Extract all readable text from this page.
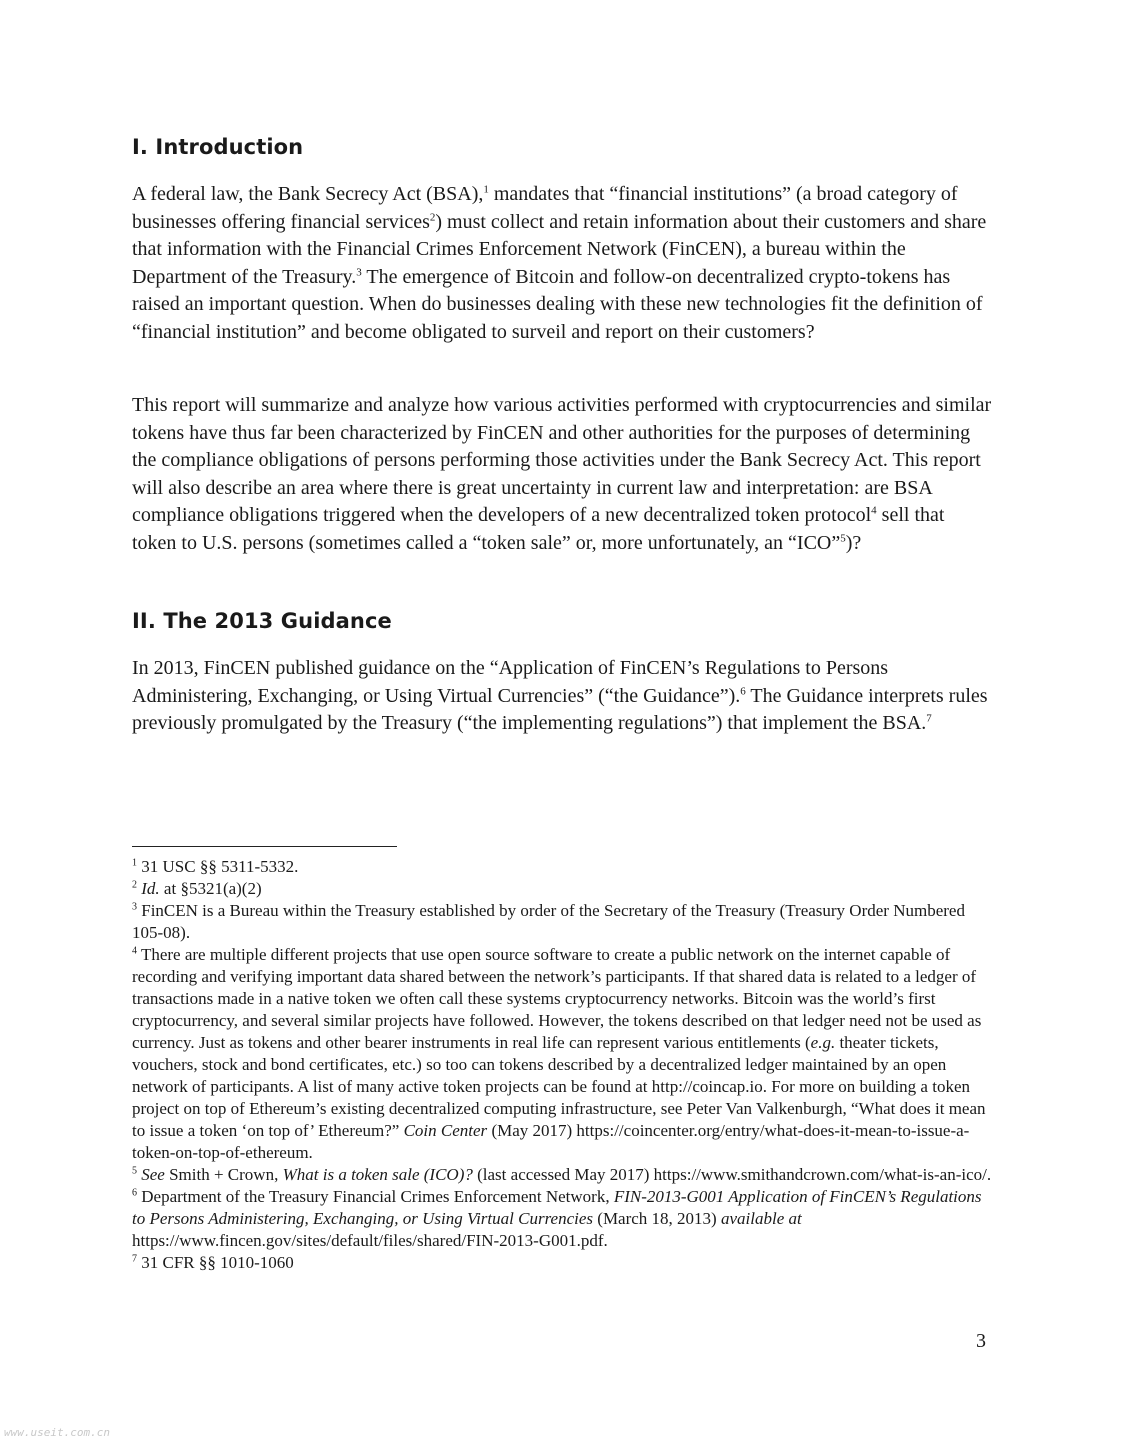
I. Introduction

A federal law, the Bank Secrecy Act (BSA),$^1$ mandates that “financial institutions” (a broad category of businesses offering financial services$^2$) must collect and retain information about their customers and share that information with the Financial Crimes Enforcement Network (FinCEN), a bureau within the Department of the Treasury.$^3$ The emergence of Bitcoin and follow-on decentralized crypto-tokens has raised an important question. When do businesses dealing with these new technologies fit the definition of “financial institution” and become obligated to surveil and report on their customers?

This report will summarize and analyze how various activities performed with cryptocurrencies and similar tokens have thus far been characterized by FinCEN and other authorities for the purposes of determining the compliance obligations of persons performing those activities under the Bank Secrecy Act. This report will also describe an area where there is great uncertainty in current law and interpretation: are BSA compliance obligations triggered when the developers of a new decentralized token protocol$^4$ sell that token to U.S. persons (sometimes called a “token sale” or, more unfortunately, an “ICO”$^5$)?

II. The 2013 Guidance

In 2013, FinCEN published guidance on the “Application of FinCEN’s Regulations to Persons Administering, Exchanging, or Using Virtual Currencies” (“the Guidance”).$^6$ The Guidance interprets rules previously promulgated by the Treasury (“the implementing regulations”) that implement the BSA.$^7$

$^1$ 31 USC §§ 5311-5332.

$^2$ Id. at §5321(a)(2)

$^3$ FinCEN is a Bureau within the Treasury established by order of the Secretary of the Treasury (Treasury Order Numbered 105-08).

$^4$ There are multiple different projects that use open source software to create a public network on the internet capable of recording and verifying important data shared between the network’s participants. If that shared data is related to a ledger of transactions made in a native token we often call these systems cryptocurrency networks. Bitcoin was the world’s first cryptocurrency, and several similar projects have followed. However, the tokens described on that ledger need not be used as currency. Just as tokens and other bearer instruments in real life can represent various entitlements (e.g. theater tickets, vouchers, stock and bond certificates, etc.) so too can tokens described by a decentralized ledger maintained by an open network of participants. A list of many active token projects can be found at http://coincap.io. For more on building a token project on top of Ethereum’s existing decentralized computing infrastructure, see Peter Van Valkenburgh, “What does it mean to issue a token ‘on top of’ Ethereum?” Coin Center (May 2017) https://coincenter.org/entry/what-does-it-mean-to-issue-a-token-on-top-of-ethereum.

$^5$ See Smith + Crown, What is a token sale (ICO)? (last accessed May 2017) https://www.smithandcrown.com/what-is-an-ico/.

$^6$ Department of the Treasury Financial Crimes Enforcement Network, FIN-2013-G001 Application of FinCEN’s Regulations to Persons Administering, Exchanging, or Using Virtual Currencies (March 18, 2013) available at https://www.fincen.gov/sites/default/files/shared/FIN-2013-G001.pdf.

$^7$ 31 CFR §§ 1010-1060

3
www.useit.com.cn
